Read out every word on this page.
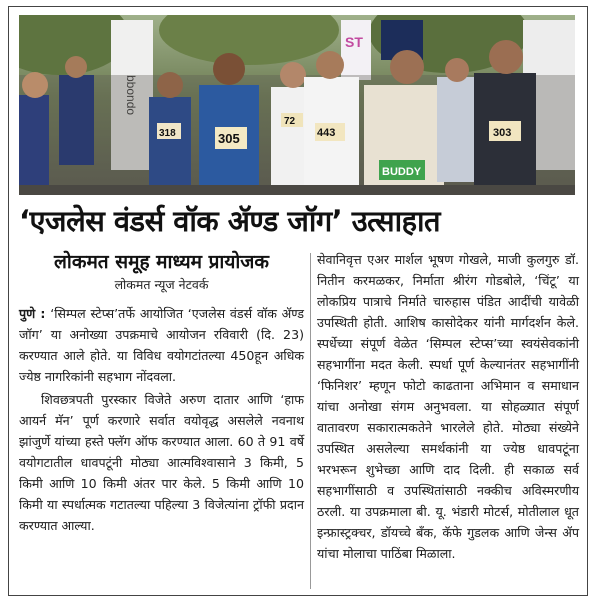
bbondo
ST
318	305
72
443
BUDDY
303
‘एजलेस वंडर्स वॉक ॲण्ड जॉग’ उत्साहात
लोकमत समूह माध्यम प्रायोजक
लोकमत न्यूज नेटवर्क

पुणे : ‘सिम्पल स्टेप्स’तर्फे आयोजित ‘एजलेस वंडर्स वॉक ॲण्ड जॉग’ या अनोख्या उपक्रमाचे आयोजन रविवारी (दि. 23) करण्यात आले होते. या विविध वयोगटांतल्या 450हून अधिक ज्येष्ठ नागरिकांनी सहभाग नोंदवला.

शिवछत्रपती पुरस्कार विजेते अरुण दातार आणि ‘हाफ आयर्न मॅन’ पूर्ण करणारे सर्वात वयोवृद्ध असलेले नवनाथ झांजुर्णे यांच्या हस्ते फ्लॅग ऑफ करण्यात आला. 60 ते 91 वर्षे वयोगटातील धावपटूंनी मोठ्या आत्मविश्वासाने 3 किमी, 5 किमी आणि 10 किमी अंतर पार केले. 5 किमी आणि 10 किमी या स्पर्धात्मक गटातल्या पहिल्या 3 विजेत्यांना ट्रॉफी प्रदान करण्यात आल्या.

सेवानिवृत्त एअर मार्शल भूषण गोखले, माजी कुलगुरु डॉ. नितीन करमळकर, निर्माता श्रीरंग गोडबोले, ‘चिंटू’ या लोकप्रिय पात्राचे निर्माते चारुहास पंडित आदींची यावेळी उपस्थिती होती. आशिष कासोदेकर यांनी मार्गदर्शन केले. स्पर्धेच्या संपूर्ण वेळेत ‘सिम्पल स्टेप्स’च्या स्वयंसेवकांनी सहभागींना मदत केली. स्पर्धा पूर्ण केल्यानंतर सहभागींनी ‘फिनिशर’ म्हणून फोटो काढताना अभिमान व समाधान यांचा अनोखा संगम अनुभवला. या सोहळ्यात संपूर्ण वातावरण सकारात्मकतेने भारलेले होते. मोठ्या संख्येने उपस्थित असलेल्या समर्थकांनी या ज्येष्ठ धावपटूंना भरभरून शुभेच्छा आणि दाद दिली. ही सकाळ सर्व सहभागींसाठी व उपस्थितांसाठी नक्कीच अविस्मरणीय ठरली. या उपक्रमाला बी. यू. भंडारी मोटर्स, मोतीलाल धूत इन्फ्रास्ट्रक्चर, डॉयच्चे बँक, कॅफे गुडलक आणि जेन्स ॲप यांचा मोलाचा पाठिंबा मिळाला.
